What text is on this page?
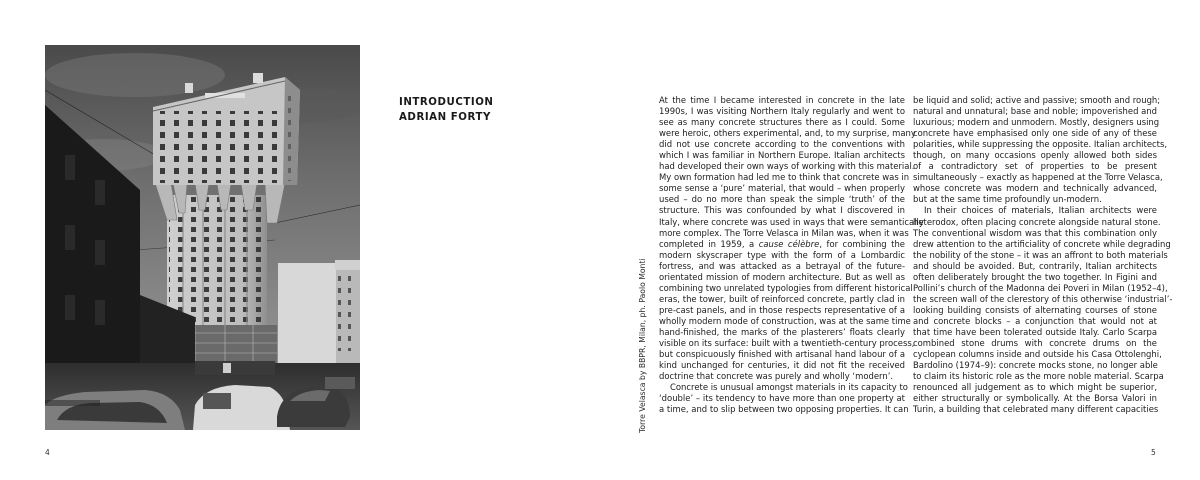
INTRODUCTION
ADRIAN FORTY
Torre Velasca by BBPR, Milan, ph. Paolo Monti
At the time I became interested in concrete in the late
1990s, I was visiting Northern Italy regularly and went to
see as many concrete structures there as I could. Some
were heroic, others experimental, and, to my surprise, many
did not use concrete according to the conventions with
which I was familiar in Northern Europe. Italian architects
had developed their own ways of working with this material.
My own formation had led me to think that concrete was in
some sense a ‘pure’ material, that would – when properly
used – do no more than speak the simple ‘truth’ of the
structure. This was confounded by what I discovered in
Italy, where concrete was used in ways that were semantically
more complex. The Torre Velasca in Milan was, when it was
completed in 1959, a cause célèbre, for combining the
modern skyscraper type with the form of a Lombardic
fortress, and was attacked as a betrayal of the future-
orientated mission of modern architecture. But as well as
combining two unrelated typologies from different historical
eras, the tower, built of reinforced concrete, partly clad in
pre-cast panels, and in those respects representative of a
wholly modern mode of construction, was at the same time
hand-finished, the marks of the plasterers’ floats clearly
visible on its surface: built with a twentieth-century process,
but conspicuously finished with artisanal hand labour of a
kind unchanged for centuries, it did not fit the received
doctrine that concrete was purely and wholly ‘modern’.
Concrete is unusual amongst materials in its capacity to
‘double’ – its tendency to have more than one property at
a time, and to slip between two opposing properties. It can
be liquid and solid; active and passive; smooth and rough;
natural and unnatural; base and noble; impoverished and
luxurious; modern and unmodern. Mostly, designers using
concrete have emphasised only one side of any of these
polarities, while suppressing the opposite. Italian architects,
though, on many occasions openly allowed both sides
of a contradictory set of properties to be present
simultaneously – exactly as happened at the Torre Velasca,
whose concrete was modern and technically advanced,
but at the same time profoundly un-modern.
In their choices of materials, Italian architects were
heterodox, often placing concrete alongside natural stone.
The conventional wisdom was that this combination only
drew attention to the artificiality of concrete while degrading
the nobility of the stone – it was an affront to both materials
and should be avoided. But, contrarily, Italian architects
often deliberately brought the two together. In Figini and
Pollini’s church of the Madonna dei Poveri in Milan (1952–4),
the screen wall of the clerestory of this otherwise ‘industrial’-
looking building consists of alternating courses of stone
and concrete blocks – a conjunction that would not at
that time have been tolerated outside Italy. Carlo Scarpa
combined stone drums with concrete drums on the
cyclopean columns inside and outside his Casa Ottolenghi,
Bardolino (1974–9): concrete mocks stone, no longer able
to claim its historic role as the more noble material. Scarpa
renounced all judgement as to which might be superior,
either structurally or symbolically. At the Borsa Valori in
Turin, a building that celebrated many different capacities
4	5
